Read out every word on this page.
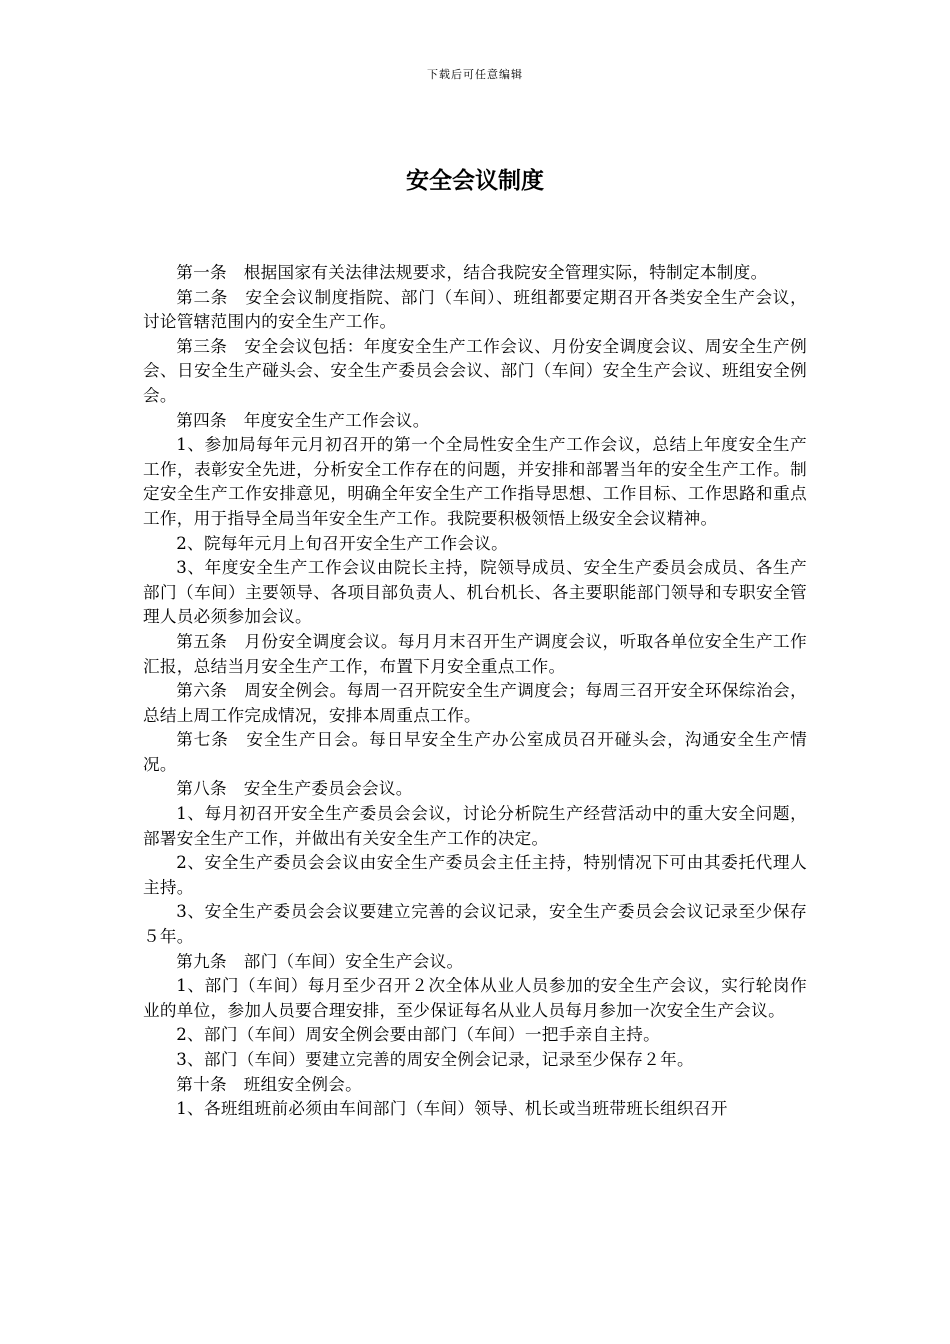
下载后可任意编辑
安全会议制度

第一条　根据国家有关法律法规要求，结合我院安全管理实际，特制定本制度。

第二条　安全会议制度指院、部门（车间）、班组都要定期召开各类安全生产会议，讨论管辖范围内的安全生产工作。

第三条　安全会议包括：年度安全生产工作会议、月份安全调度会议、周安全生产例会、日安全生产碰头会、安全生产委员会会议、部门（车间）安全生产会议、班组安全例会。

第四条　年度安全生产工作会议。

1、参加局每年元月初召开的第一个全局性安全生产工作会议，总结上年度安全生产工作，表彰安全先进，分析安全工作存在的问题，并安排和部署当年的安全生产工作。制定安全生产工作安排意见，明确全年安全生产工作指导思想、工作目标、工作思路和重点工作，用于指导全局当年安全生产工作。我院要积极领悟上级安全会议精神。

2、院每年元月上旬召开安全生产工作会议。

3、年度安全生产工作会议由院长主持，院领导成员、安全生产委员会成员、各生产部门（车间）主要领导、各项目部负责人、机台机长、各主要职能部门领导和专职安全管理人员必须参加会议。

第五条　月份安全调度会议。每月月末召开生产调度会议，听取各单位安全生产工作汇报，总结当月安全生产工作，布置下月安全重点工作。

第六条　周安全例会。每周一召开院安全生产调度会；每周三召开安全环保综治会，总结上周工作完成情况，安排本周重点工作。

第七条　安全生产日会。每日早安全生产办公室成员召开碰头会，沟通安全生产情况。

第八条　安全生产委员会会议。

1、每月初召开安全生产委员会会议，讨论分析院生产经营活动中的重大安全问题，部署安全生产工作，并做出有关安全生产工作的决定。

2、安全生产委员会会议由安全生产委员会主任主持，特别情况下可由其委托代理人主持。

3、安全生产委员会会议要建立完善的会议记录，安全生产委员会会议记录至少保存５年。

第九条　部门（车间）安全生产会议。

1、部门（车间）每月至少召开２次全体从业人员参加的安全生产会议，实行轮岗作业的单位，参加人员要合理安排，至少保证每名从业人员每月参加一次安全生产会议。

2、部门（车间）周安全例会要由部门（车间）一把手亲自主持。

3、部门（车间）要建立完善的周安全例会记录，记录至少保存２年。

第十条　班组安全例会。

1、各班组班前必须由车间部门（车间）领导、机长或当班带班长组织召开
